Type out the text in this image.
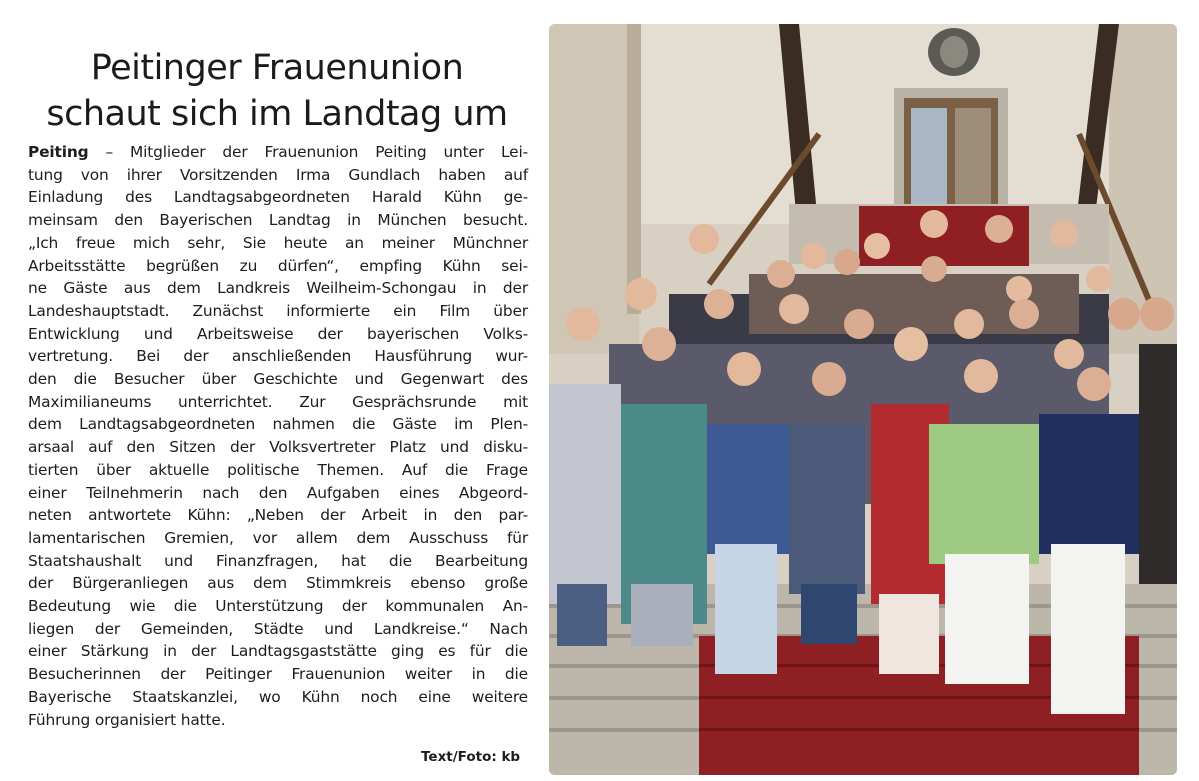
Peitinger Frauenunion
schaut sich im Landtag um
Peiting – Mitglieder der Frauenunion Peiting unter Lei-
tung von ihrer Vorsitzenden Irma Gundlach haben auf
Einladung des Landtagsabgeordneten Harald Kühn ge-
meinsam den Bayerischen Landtag in München besucht.
„Ich freue mich sehr, Sie heute an meiner Münchner
Arbeitsstätte begrüßen zu dürfen“, empfing Kühn sei-
ne Gäste aus dem Landkreis Weilheim-Schongau in der
Landeshauptstadt. Zunächst informierte ein Film über
Entwicklung und Arbeitsweise der bayerischen Volks-
vertretung. Bei der anschließenden Hausführung wur-
den die Besucher über Geschichte und Gegenwart des
Maximilianeums unterrichtet. Zur Gesprächsrunde mit
dem Landtagsabgeordneten nahmen die Gäste im Plen-
arsaal auf den Sitzen der Volksvertreter Platz und disku-
tierten über aktuelle politische Themen. Auf die Frage
einer Teilnehmerin nach den Aufgaben eines Abgeord-
neten antwortete Kühn: „Neben der Arbeit in den par-
lamentarischen Gremien, vor allem dem Ausschuss für
Staatshaushalt und Finanzfragen, hat die Bearbeitung
der Bürgeranliegen aus dem Stimmkreis ebenso große
Bedeutung wie die Unterstützung der kommunalen An-
liegen der Gemeinden, Städte und Landkreise.“ Nach
einer Stärkung in der Landtagsgaststätte ging es für die
Besucherinnen der Peitinger Frauenunion weiter in die
Bayerische Staatskanzlei, wo Kühn noch eine weitere
Führung organisiert hatte.
Text/Foto: kb
